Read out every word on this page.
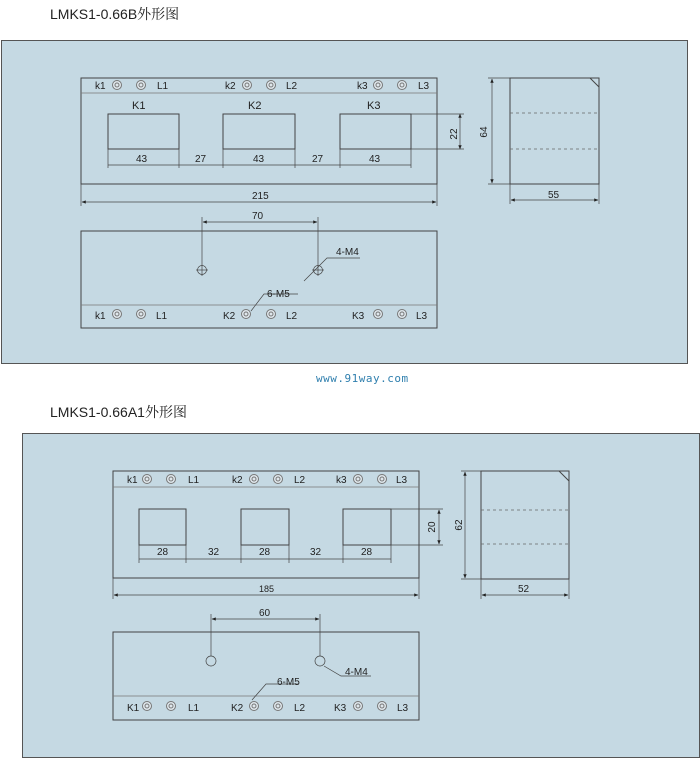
LMKS1-0.66B外形图
k1	L1	k2	L2	k3	L3
K1	K2	K3
43	27	43	27	43
22
215
64
55
70
4-M4
6-M5
k1	L1	K2	L2	K3	L3
www.91way.com
LMKS1-0.66A1外形图
k1	L1	k2	L2	k3	L3
28	32	28	32	28
20
185
62
52
60
4-M4
6-M5
K1	L1	K2	L2	K3	L3
